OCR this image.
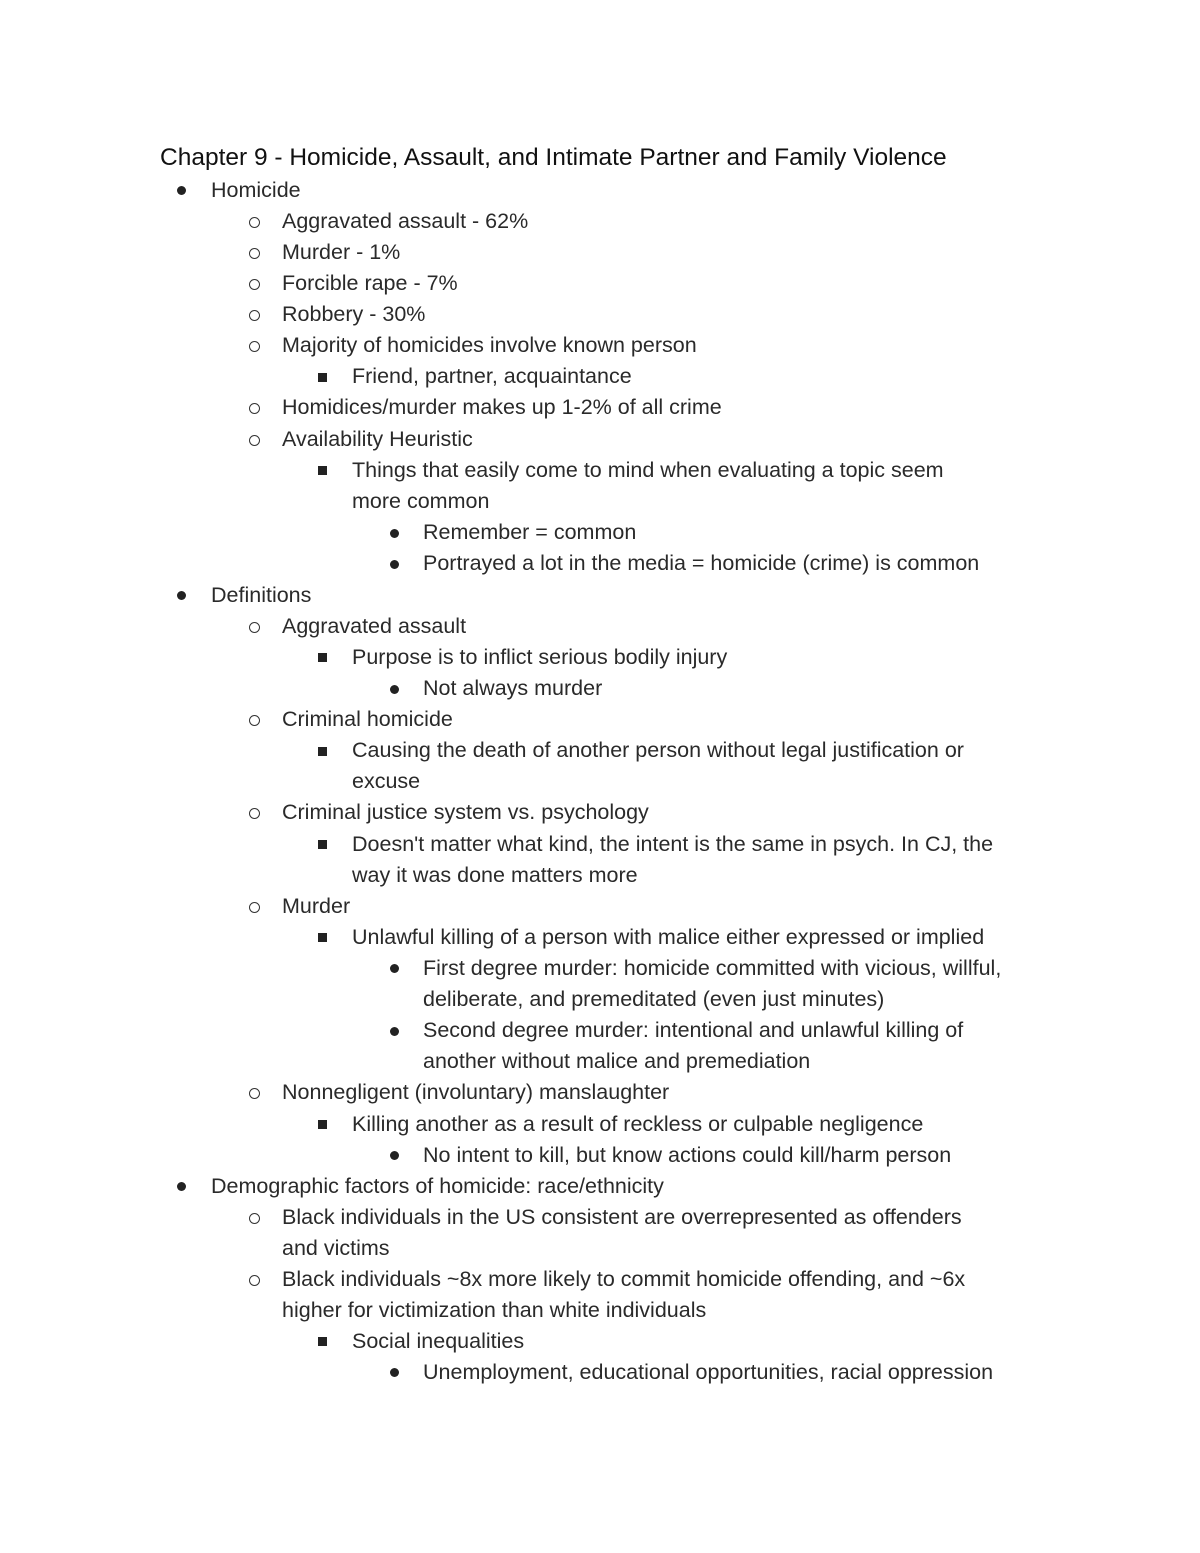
Chapter 9 - Homicide, Assault, and Intimate Partner and Family Violence
Homicide
Aggravated assault - 62%
Murder - 1%
Forcible rape - 7%
Robbery - 30%
Majority of homicides involve known person
Friend, partner, acquaintance
Homidices/murder makes up 1-2% of all crime
Availability Heuristic
Things that easily come to mind when evaluating a topic seem
more common
Remember = common
Portrayed a lot in the media = homicide (crime) is common
Definitions
Aggravated assault
Purpose is to inflict serious bodily injury
Not always murder
Criminal homicide
Causing the death of another person without legal justification or
excuse
Criminal justice system vs. psychology
Doesn't matter what kind, the intent is the same in psych. In CJ, the
way it was done matters more
Murder
Unlawful killing of a person with malice either expressed or implied
First degree murder: homicide committed with vicious, willful,
deliberate, and premeditated (even just minutes)
Second degree murder: intentional and unlawful killing of
another without malice and premediation
Nonnegligent (involuntary) manslaughter
Killing another as a result of reckless or culpable negligence
No intent to kill, but know actions could kill/harm person
Demographic factors of homicide: race/ethnicity
Black individuals in the US consistent are overrepresented as offenders
and victims
Black individuals ~8x more likely to commit homicide offending, and ~6x
higher for victimization than white individuals
Social inequalities
Unemployment, educational opportunities, racial oppression
